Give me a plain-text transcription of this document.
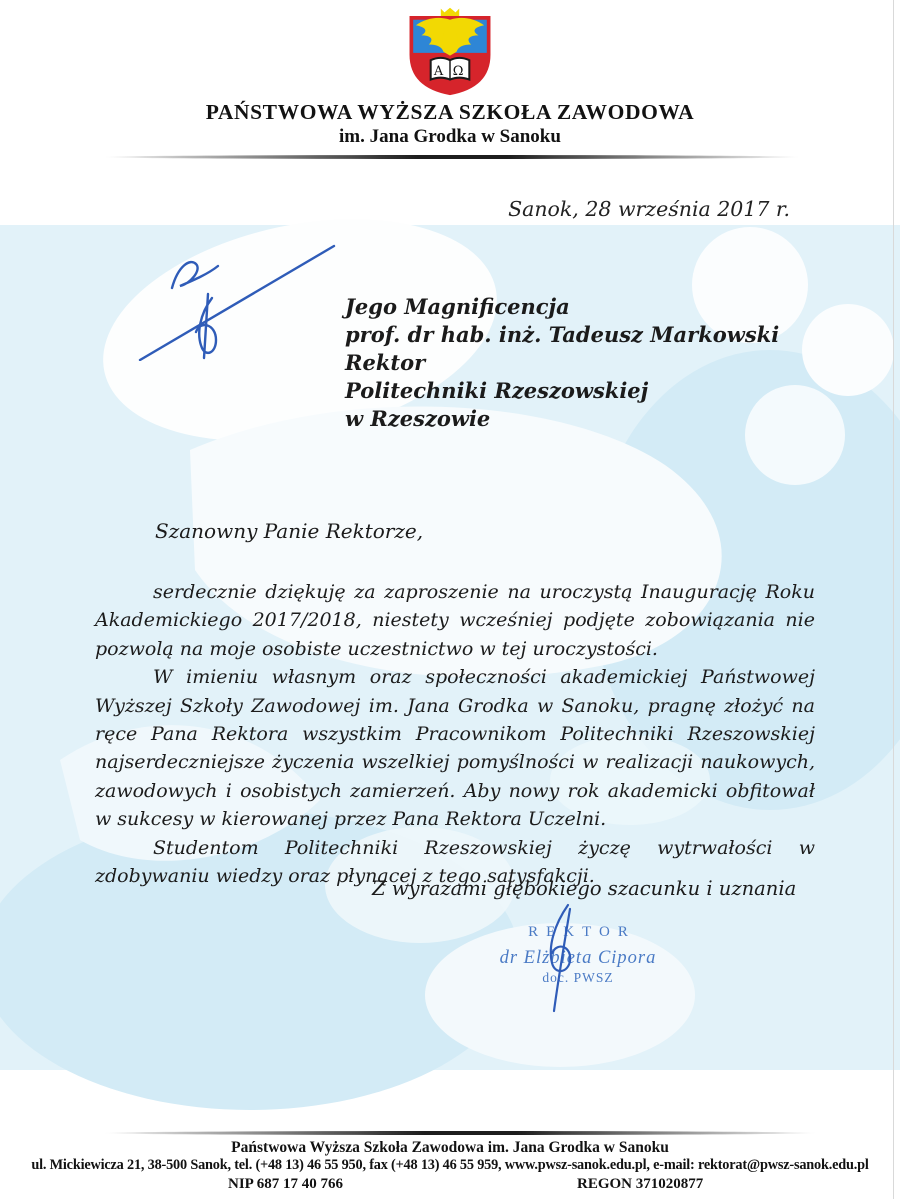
Α Ω
PAŃSTWOWA WYŻSZA SZKOŁA ZAWODOWA
im. Jana Grodka w Sanoku
Sanok, 28 września 2017 r.
Jego Magnificencja
prof. dr hab. inż. Tadeusz Markowski
Rektor
Politechniki Rzeszowskiej
w Rzeszowie
Szanowny Panie Rektorze,

serdecznie dziękuję za zaproszenie na uroczystą Inaugurację Roku Akademickiego 2017/2018, niestety wcześniej podjęte zobowiązania nie pozwolą na moje osobiste uczestnictwo w tej uroczystości.

W imieniu własnym oraz społeczności akademickiej Państwowej Wyższej Szkoły Zawodowej im. Jana Grodka w Sanoku, pragnę złożyć na ręce Pana Rektora wszystkim Pracownikom Politechniki Rzeszowskiej najserdeczniejsze życzenia wszelkiej pomyślności w realizacji naukowych, zawodowych i osobistych zamierzeń. Aby nowy rok akademicki obfitował w sukcesy w kierowanej przez Pana Rektora Uczelni.

Studentom Politechniki Rzeszowskiej życzę wytrwałości w zdobywaniu wiedzy oraz płynącej z tego satysfakcji.

Z wyrazami głębokiego szacunku i uznania
REKTOR
dr Elżbieta Cipora
doc. PWSZ
Państwowa Wyższa Szkoła Zawodowa im. Jana Grodka w Sanoku
ul. Mickiewicza 21, 38-500 Sanok, tel. (+48 13) 46 55 950, fax (+48 13) 46 55 959, www.pwsz-sanok.edu.pl, e-mail: rektorat@pwsz-sanok.edu.pl
NIP 687 17 40 766	REGON 371020877
